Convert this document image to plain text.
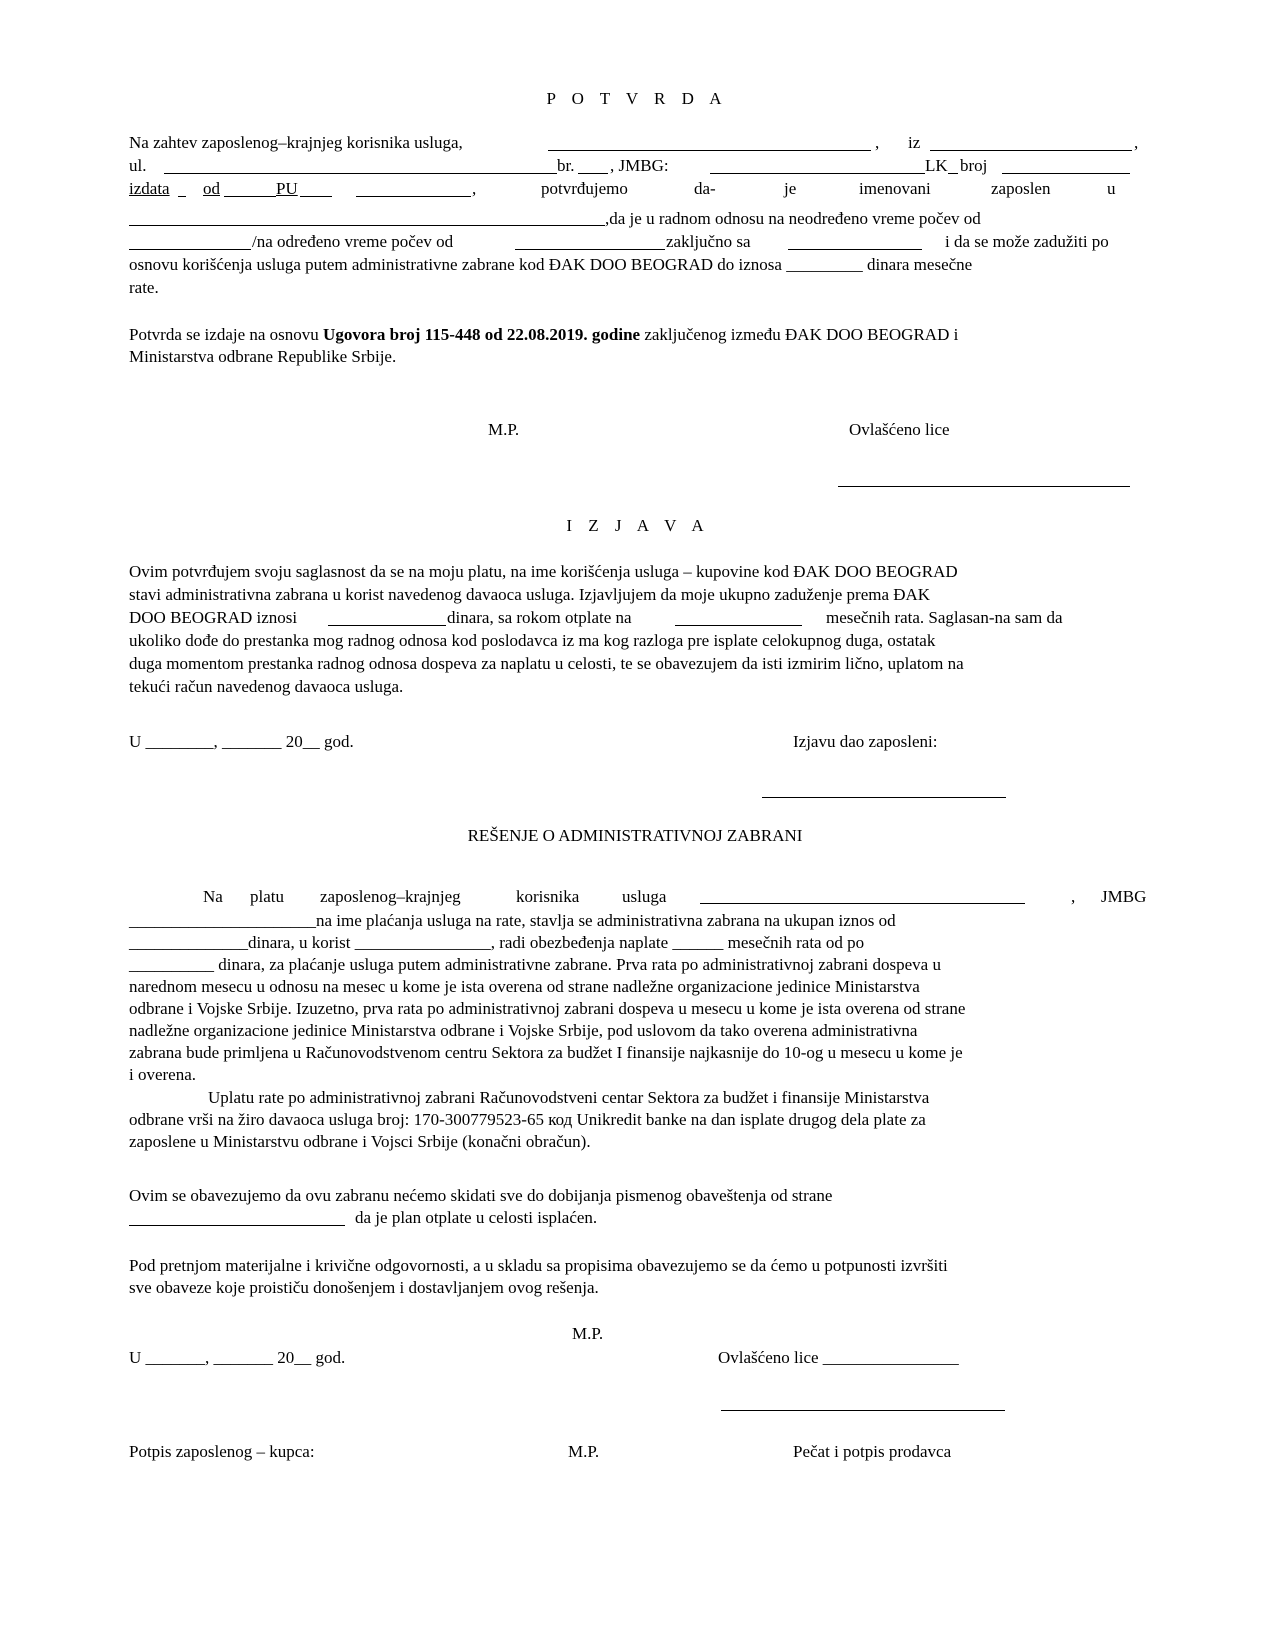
P O T V R D A
Na zahtev zaposlenog–krajnjeg korisnika usluga,	, iz	,
ul.	br. , JMBG:	LK broj
izdata od	PU	,	potvrđujemo	da-	je	imenovani	zaposlen	u
,da je u radnom odnosu na neodređeno vreme počev od
/na određeno vreme počev od	zaključno sa	i da se može zadužiti po
osnovu korišćenja usluga putem administrativne zabrane kod ĐAK DOO BEOGRAD do iznosa _________ dinara mesečne
rate.
Potvrda se izdaje na osnovu Ugovora broj 115-448 od 22.08.2019. godine zaključenog između ĐAK DOO BEOGRAD i
Ministarstva odbrane Republike Srbije.
M.P.	Ovlašćeno lice
I Z J A V A
Ovim potvrđujem svoju saglasnost da se na moju platu, na ime korišćenja usluga – kupovine kod ĐAK DOO BEOGRAD
stavi administrativna zabrana u korist navedenog davaoca usluga. Izjavljujem da moje ukupno zaduženje prema ĐAK
DOO BEOGRAD iznosi	dinara, sa rokom otplate na	mesečnih rata. Saglasan-na sam da
ukoliko dođe do prestanka mog radnog odnosa kod poslodavca iz ma kog razloga pre isplate celokupnog duga, ostatak
duga momentom prestanka radnog odnosa dospeva za naplatu u celosti, te se obavezujem da isti izmirim lično, uplatom na
tekući račun navedenog davaoca usluga.
U ________, _______ 20__ god.	Izjavu dao zaposleni:
REŠENJE O ADMINISTRATIVNOJ ZABRANI
Na platu zaposlenog–krajnjeg	korisnika	usluga	, JMBG
______________________na ime plaćanja usluga na rate, stavlja se administrativna zabrana na ukupan iznos od
______________dinara, u korist ________________, radi obezbeđenja naplate ______ mesečnih rata od po
__________ dinara, za plaćanje usluga putem administrativne zabrane. Prva rata po administrativnoj zabrani dospeva u
narednom mesecu u odnosu na mesec u kome je ista overena od strane nadležne organizacione jedinice Ministarstva
odbrane i Vojske Srbije. Izuzetno, prva rata po administrativnoj zabrani dospeva u mesecu u kome je ista overena od strane
nadležne organizacione jedinice Ministarstva odbrane i Vojske Srbije, pod uslovom da tako overena administrativna
zabrana bude primljena u Računovodstvenom centru Sektora za budžet I finansije najkasnije do 10-og u mesecu u kome je
i overena.
Uplatu rate po administrativnoj zabrani Računovodstveni centar Sektora za budžet i finansije Ministarstva
odbrane vrši na žiro davaoca usluga broj: 170-300779523-65 код Unikredit banke na dan isplate drugog dela plate za
zaposlene u Ministarstvu odbrane i Vojsci Srbije (konačni obračun).
Ovim se obavezujemo da ovu zabranu nećemo skidati sve do dobijanja pismenog obaveštenja od strane
da je plan otplate u celosti isplaćen.
Pod pretnjom materijalne i krivične odgovornosti, a u skladu sa propisima obavezujemo se da ćemo u potpunosti izvršiti
sve obaveze koje proističu donošenjem i dostavljanjem ovog rešenja.
M.P.
U _______, _______ 20__ god.	Ovlašćeno lice ________________
Potpis zaposlenog – kupca:	M.P.	Pečat i potpis prodavca
